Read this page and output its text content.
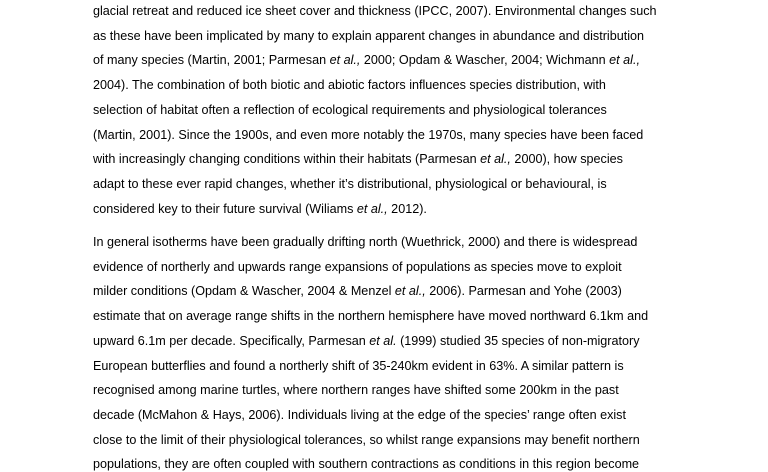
glacial retreat and reduced ice sheet cover and thickness (IPCC, 2007). Environmental changes such
as these have been implicated by many to explain apparent changes in abundance and distribution
of many species (Martin, 2001; Parmesan et al., 2000; Opdam & Wascher, 2004; Wichmann et al.,
2004). The combination of both biotic and abiotic factors influences species distribution, with
selection of habitat often a reflection of ecological requirements and physiological tolerances
(Martin, 2001). Since the 1900s, and even more notably the 1970s, many species have been faced
with increasingly changing conditions within their habitats (Parmesan et al., 2000), how species
adapt to these ever rapid changes, whether it’s distributional, physiological or behavioural, is
considered key to their future survival (Wiliams et al., 2012).
In general isotherms have been gradually drifting north (Wuethrick, 2000) and there is widespread
evidence of northerly and upwards range expansions of populations as species move to exploit
milder conditions (Opdam & Wascher, 2004 & Menzel et al., 2006). Parmesan and Yohe (2003)
estimate that on average range shifts in the northern hemisphere have moved northward 6.1km and
upward 6.1m per decade. Specifically, Parmesan et al. (1999) studied 35 species of non-migratory
European butterflies and found a northerly shift of 35-240km evident in 63%. A similar pattern is
recognised among marine turtles, where northern ranges have shifted some 200km in the past
decade (McMahon & Hays, 2006). Individuals living at the edge of the species’ range often exist
close to the limit of their physiological tolerances, so whilst range expansions may benefit northern
populations, they are often coupled with southern contractions as conditions in this region become
